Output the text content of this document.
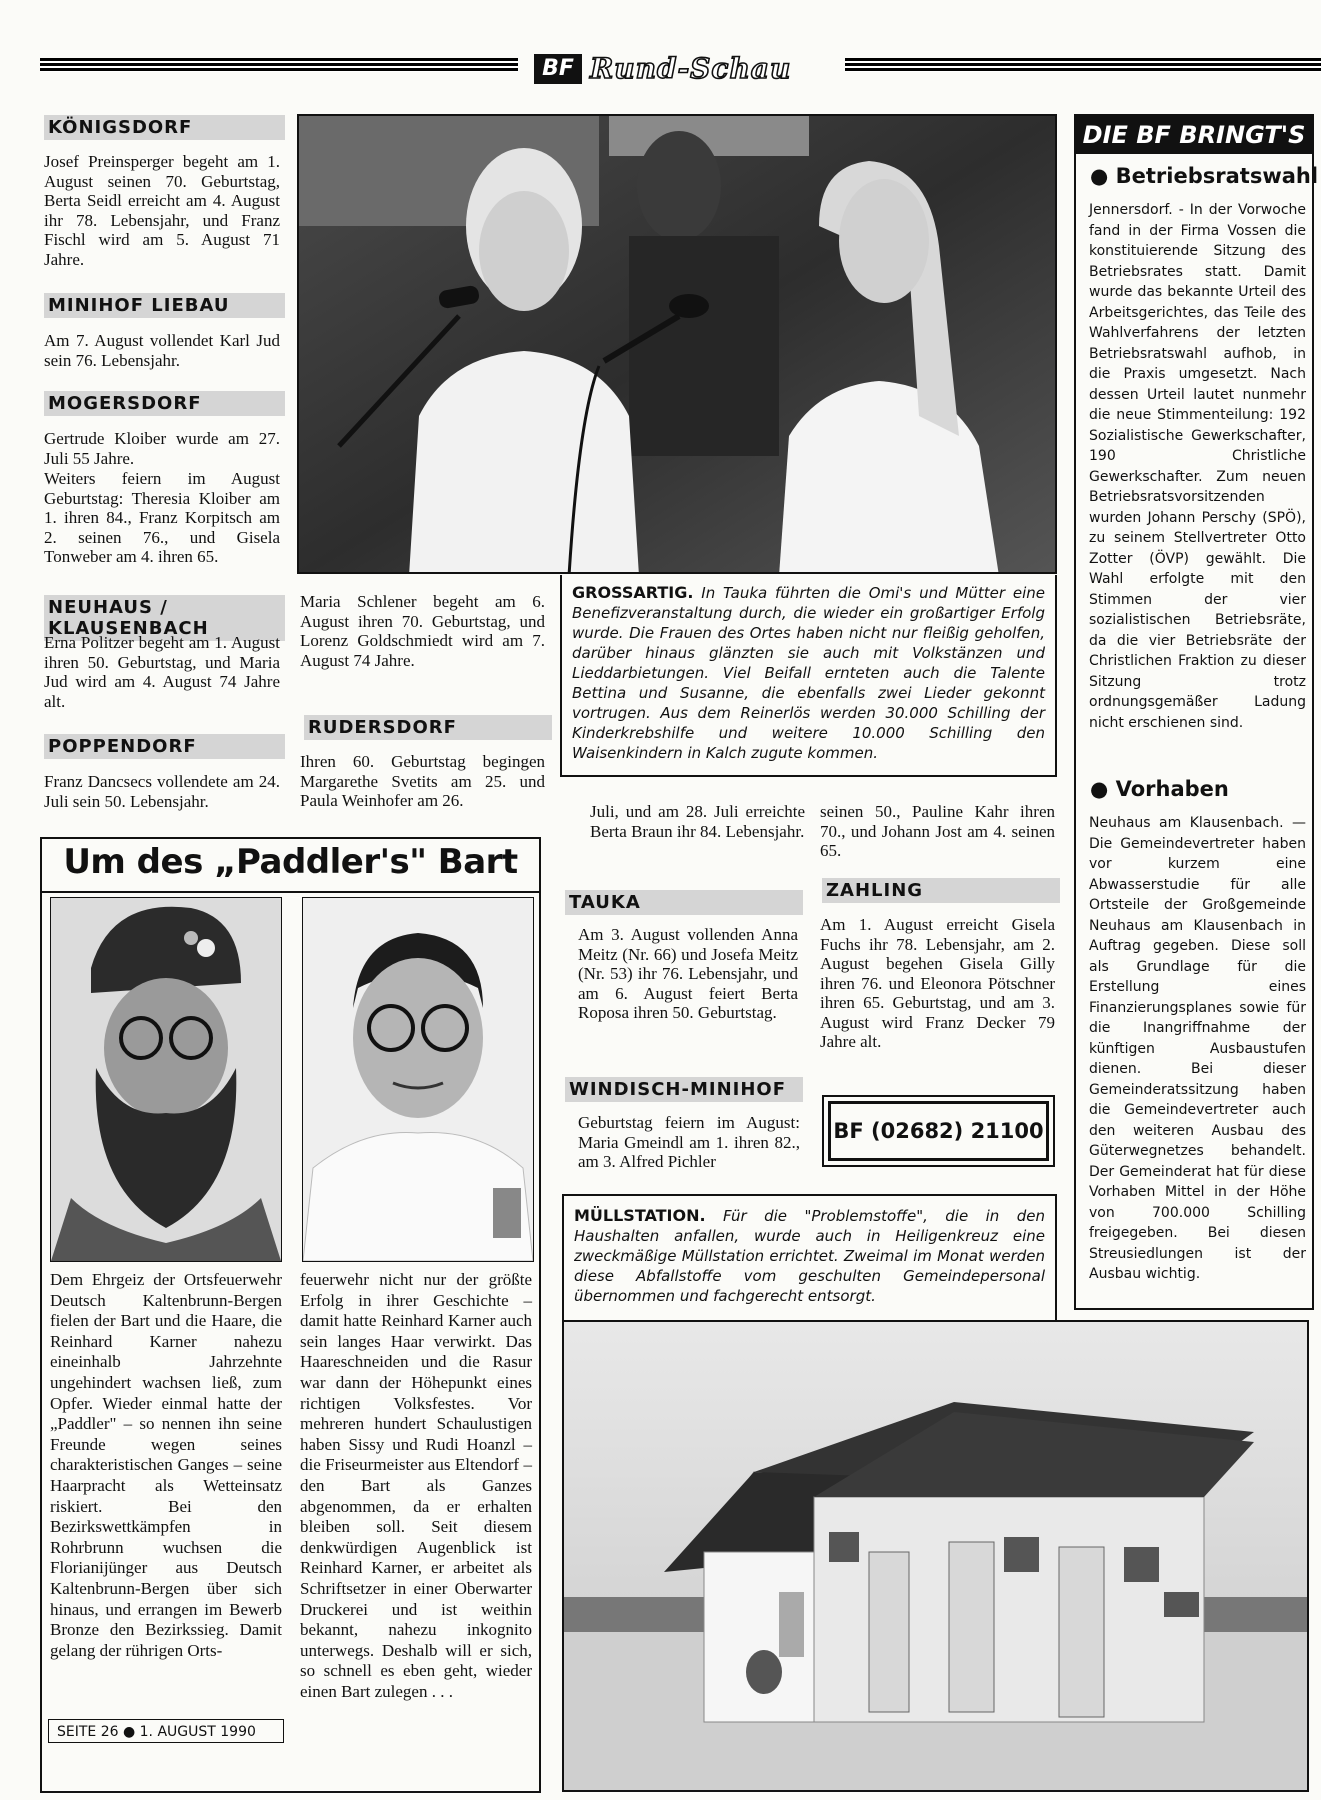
BF Rund-Schau
KÖNIGSDORF
Josef Preinsperger begeht am 1. August seinen 70. Geburtstag, Berta Seidl erreicht am 4. August ihr 78. Lebensjahr, und Franz Fischl wird am 5. August 71 Jahre.
MINIHOF LIEBAU
Am 7. August vollendet Karl Jud sein 76. Lebensjahr.
MOGERSDORF
Gertrude Kloiber wurde am 27. Juli 55 Jahre.
Weiters feiern im August Geburtstag: Theresia Kloiber am 1. ihren 84., Franz Korpitsch am 2. seinen 76., und Gisela Tonweber am 4. ihren 65.
NEUHAUS / KLAUSENBACH
Erna Politzer begeht am 1. August ihren 50. Geburtstag, und Maria Jud wird am 4. August 74 Jahre alt.
POPPENDORF
Franz Dancsecs vollendete am 24. Juli sein 50. Lebensjahr.
GROSSARTIG. In Tauka führten die Omi's und Mütter eine Benefizveranstaltung durch, die wieder ein großartiger Erfolg wurde. Die Frauen des Ortes haben nicht nur fleißig geholfen, darüber hinaus glänzten sie auch mit Volkstänzen und Lieddarbietungen. Viel Beifall ernteten auch die Talente Bettina und Susanne, die ebenfalls zwei Lieder gekonnt vortrugen. Aus dem Reinerlös werden 30.000 Schilling der Kinderkrebshilfe und weitere 10.000 Schilling den Waisenkindern in Kalch zugute kommen.
Maria Schlener begeht am 6. August ihren 70. Geburtstag, und Lorenz Goldschmiedt wird am 7. August 74 Jahre.
RUDERSDORF
Ihren 60. Geburtstag begingen Margarethe Svetits am 25. und Paula Weinhofer am 26.
Juli, und am 28. Juli erreichte Berta Braun ihr 84. Lebensjahr.
TAUKA
Am 3. August vollenden Anna Meitz (Nr. 66) und Josefa Meitz (Nr. 53) ihr 76. Lebensjahr, und am 6. August feiert Berta Roposa ihren 50. Geburtstag.
WINDISCH-MINIHOF
Geburtstag feiern im August: Maria Gmeindl am 1. ihren 82., am 3. Alfred Pichler
seinen 50., Pauline Kahr ihren 70., und Johann Jost am 4. seinen 65.
ZAHLING
Am 1. August erreicht Gisela Fuchs ihr 78. Lebensjahr, am 2. August begehen Gisela Gilly ihren 76. und Eleonora Pötschner ihren 65. Geburtstag, und am 3. August wird Franz Decker 79 Jahre alt.
BF (02682) 21100
Um des „Paddler's" Bart
Dem Ehrgeiz der Ortsfeuerwehr Deutsch Kaltenbrunn-Bergen fielen der Bart und die Haare, die Reinhard Karner nahezu eineinhalb Jahrzehnte ungehindert wachsen ließ, zum Opfer. Wieder einmal hatte der „Paddler" – so nennen ihn seine Freunde wegen seines charakteristischen Ganges – seine Haarpracht als Wetteinsatz riskiert. Bei den Bezirkswettkämpfen in Rohrbrunn wuchsen die Florianijünger aus Deutsch Kaltenbrunn-Bergen über sich hinaus, und errangen im Bewerb Bronze den Bezirkssieg. Damit gelang der rührigen Orts-
feuerwehr nicht nur der größte Erfolg in ihrer Geschichte – damit hatte Reinhard Karner auch sein langes Haar verwirkt. Das Haareschneiden und die Rasur war dann der Höhepunkt eines richtigen Volksfestes. Vor mehreren hundert Schaulustigen haben Sissy und Rudi Hoanzl – die Friseurmeister aus Eltendorf – den Bart als Ganzes abgenommen, da er erhalten bleiben soll. Seit diesem denkwürdigen Augenblick ist Reinhard Karner, er arbeitet als Schriftsetzer in einer Oberwarter Druckerei und ist weithin bekannt, nahezu inkognito unterwegs. Deshalb will er sich, so schnell es eben geht, wieder einen Bart zulegen . . .
SEITE 26 ● 1. AUGUST 1990
MÜLLSTATION. Für die "Problemstoffe", die in den Haushalten anfallen, wurde auch in Heiligenkreuz eine zweckmäßige Müllstation errichtet. Zweimal im Monat werden diese Abfallstoffe vom geschulten Gemeindepersonal übernommen und fachgerecht entsorgt.
DIE BF BRINGT'S
● Betriebsratswahl
Jennersdorf. - In der Vorwoche fand in der Firma Vossen die konstituierende Sitzung des Betriebsrates statt. Damit wurde das bekannte Urteil des Arbeitsgerichtes, das Teile des Wahlverfahrens der letzten Betriebsratswahl aufhob, in die Praxis umgesetzt. Nach dessen Urteil lautet nunmehr die neue Stimmenteilung: 192 Sozialistische Gewerkschafter, 190 Christliche Gewerkschafter. Zum neuen Betriebsratsvorsitzenden wurden Johann Perschy (SPÖ), zu seinem Stellvertreter Otto Zotter (ÖVP) gewählt. Die Wahl erfolgte mit den Stimmen der vier sozialistischen Betriebsräte, da die vier Betriebsräte der Christlichen Fraktion zu dieser Sitzung trotz ordnungsgemäßer Ladung nicht erschienen sind.
● Vorhaben
Neuhaus am Klausenbach. — Die Gemeindevertreter haben vor kurzem eine Abwasserstudie für alle Ortsteile der Großgemeinde Neuhaus am Klausenbach in Auftrag gegeben. Diese soll als Grundlage für die Erstellung eines Finanzierungsplanes sowie für die Inangriffnahme der künftigen Ausbaustufen dienen. Bei dieser Gemeinderatssitzung haben die Gemeindevertreter auch den weiteren Ausbau des Güterwegnetzes behandelt. Der Gemeinderat hat für diese Vorhaben Mittel in der Höhe von 700.000 Schilling freigegeben. Bei diesen Streusiedlungen ist der Ausbau wichtig.
